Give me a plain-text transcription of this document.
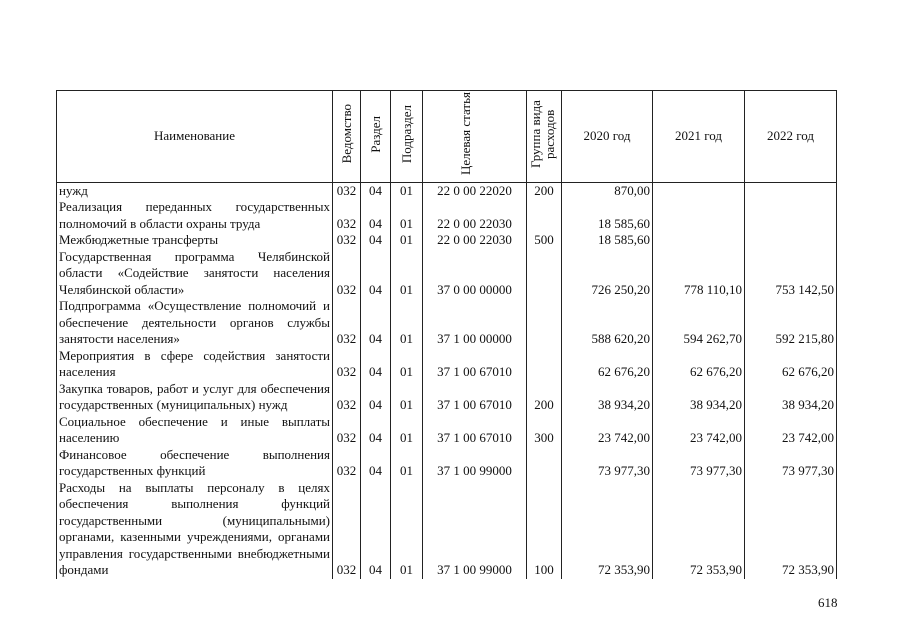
Наименование	Ведомство	Раздел	Подраздел	Целевая статья	Группа вида расходов	2020 год	2021 год	2022 год
нужд	032	04	01	22 0 00 22020	200	870,00		
Реализация переданных государственных полномочий в области охраны труда	032	04	01	22 0 00 22030		18 585,60		
Межбюджетные трансферты	032	04	01	22 0 00 22030	500	18 585,60		
Государственная программа Челябинской области «Содействие занятости населения Челябинской области»	032	04	01	37 0 00 00000		726 250,20	778 110,10	753 142,50
Подпрограмма «Осуществление полномочий и обеспечение деятельности органов службы занятости населения»	032	04	01	37 1 00 00000		588 620,20	594 262,70	592 215,80
Мероприятия в сфере содействия занятости населения	032	04	01	37 1 00 67010		62 676,20	62 676,20	62 676,20
Закупка товаров, работ и услуг для обеспечения государственных (муниципальных) нужд	032	04	01	37 1 00 67010	200	38 934,20	38 934,20	38 934,20
Социальное обеспечение и иные выплаты населению	032	04	01	37 1 00 67010	300	23 742,00	23 742,00	23 742,00
Финансовое обеспечение выполнения государственных функций	032	04	01	37 1 00 99000		73 977,30	73 977,30	73 977,30
Расходы на выплаты персоналу в целях обеспечения выполнения функций государственными (муниципальными) органами, казенными учреждениями, органами управления государственными внебюджетными фондами	032	04	01	37 1 00 99000	100	72 353,90	72 353,90	72 353,90
618
